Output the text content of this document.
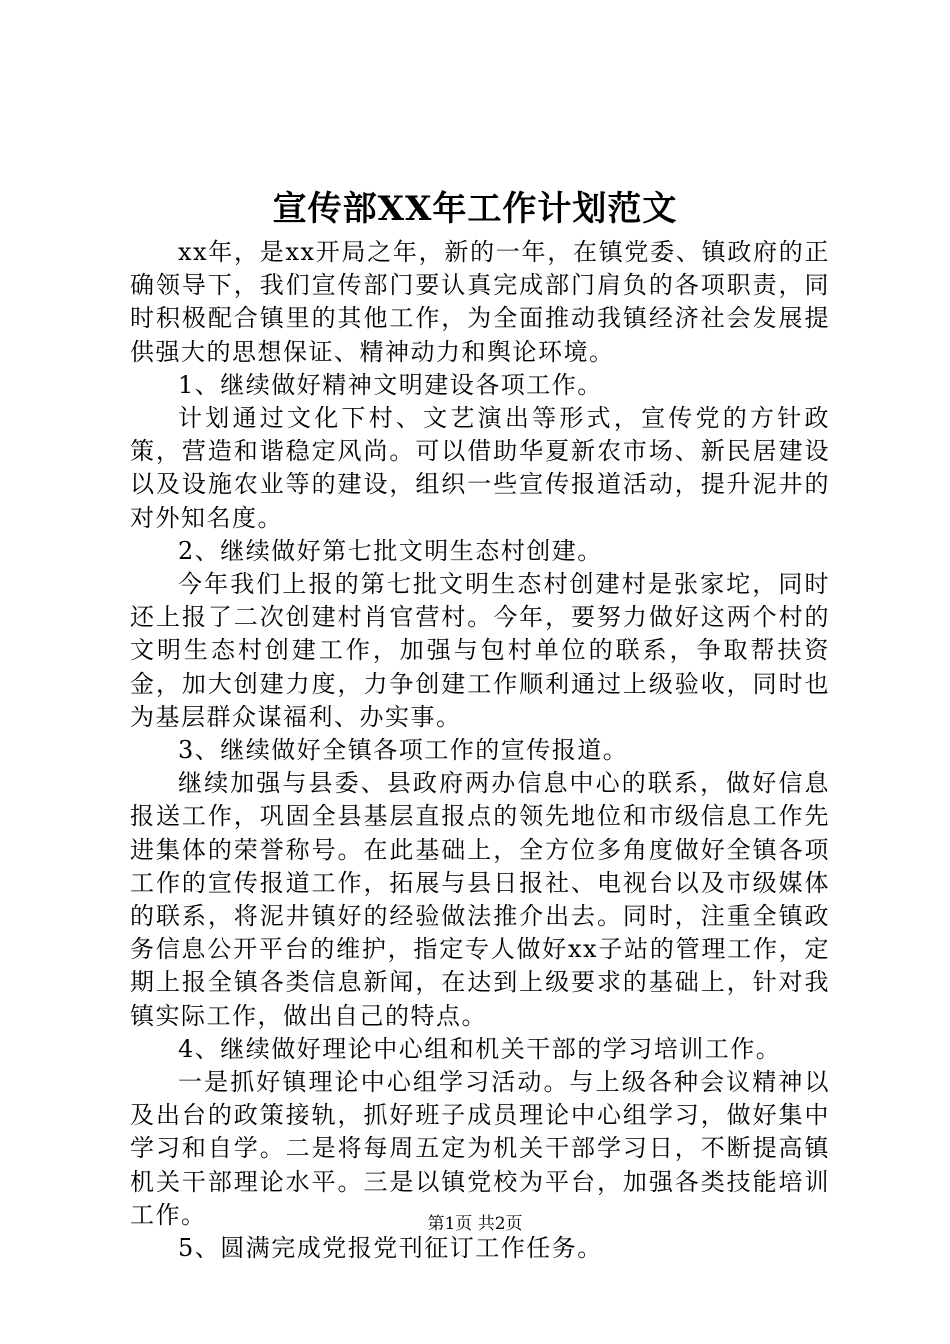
宣传部XX年工作计划范文

xx年，是xx开局之年，新的一年，在镇党委、镇政府的正确领导下，我们宣传部门要认真完成部门肩负的各项职责，同时积极配合镇里的其他工作，为全面推动我镇经济社会发展提供强大的思想保证、精神动力和舆论环境。

1、继续做好精神文明建设各项工作。

计划通过文化下村、文艺演出等形式，宣传党的方针政策，营造和谐稳定风尚。可以借助华夏新农市场、新民居建设以及设施农业等的建设，组织一些宣传报道活动，提升泥井的对外知名度。

2、继续做好第七批文明生态村创建。

今年我们上报的第七批文明生态村创建村是张家坨，同时还上报了二次创建村肖官营村。今年，要努力做好这两个村的文明生态村创建工作，加强与包村单位的联系，争取帮扶资金，加大创建力度，力争创建工作顺利通过上级验收，同时也为基层群众谋福利、办实事。

3、继续做好全镇各项工作的宣传报道。

继续加强与县委、县政府两办信息中心的联系，做好信息报送工作，巩固全县基层直报点的领先地位和市级信息工作先进集体的荣誉称号。在此基础上，全方位多角度做好全镇各项工作的宣传报道工作，拓展与县日报社、电视台以及市级媒体的联系，将泥井镇好的经验做法推介出去。同时，注重全镇政务信息公开平台的维护，指定专人做好xx子站的管理工作，定期上报全镇各类信息新闻，在达到上级要求的基础上，针对我镇实际工作，做出自己的特点。

4、继续做好理论中心组和机关干部的学习培训工作。

一是抓好镇理论中心组学习活动。与上级各种会议精神以及出台的政策接轨，抓好班子成员理论中心组学习，做好集中学习和自学。二是将每周五定为机关干部学习日，不断提高镇机关干部理论水平。三是以镇党校为平台，加强各类技能培训工作。

5、圆满完成党报党刊征订工作任务。

第1页 共2页
